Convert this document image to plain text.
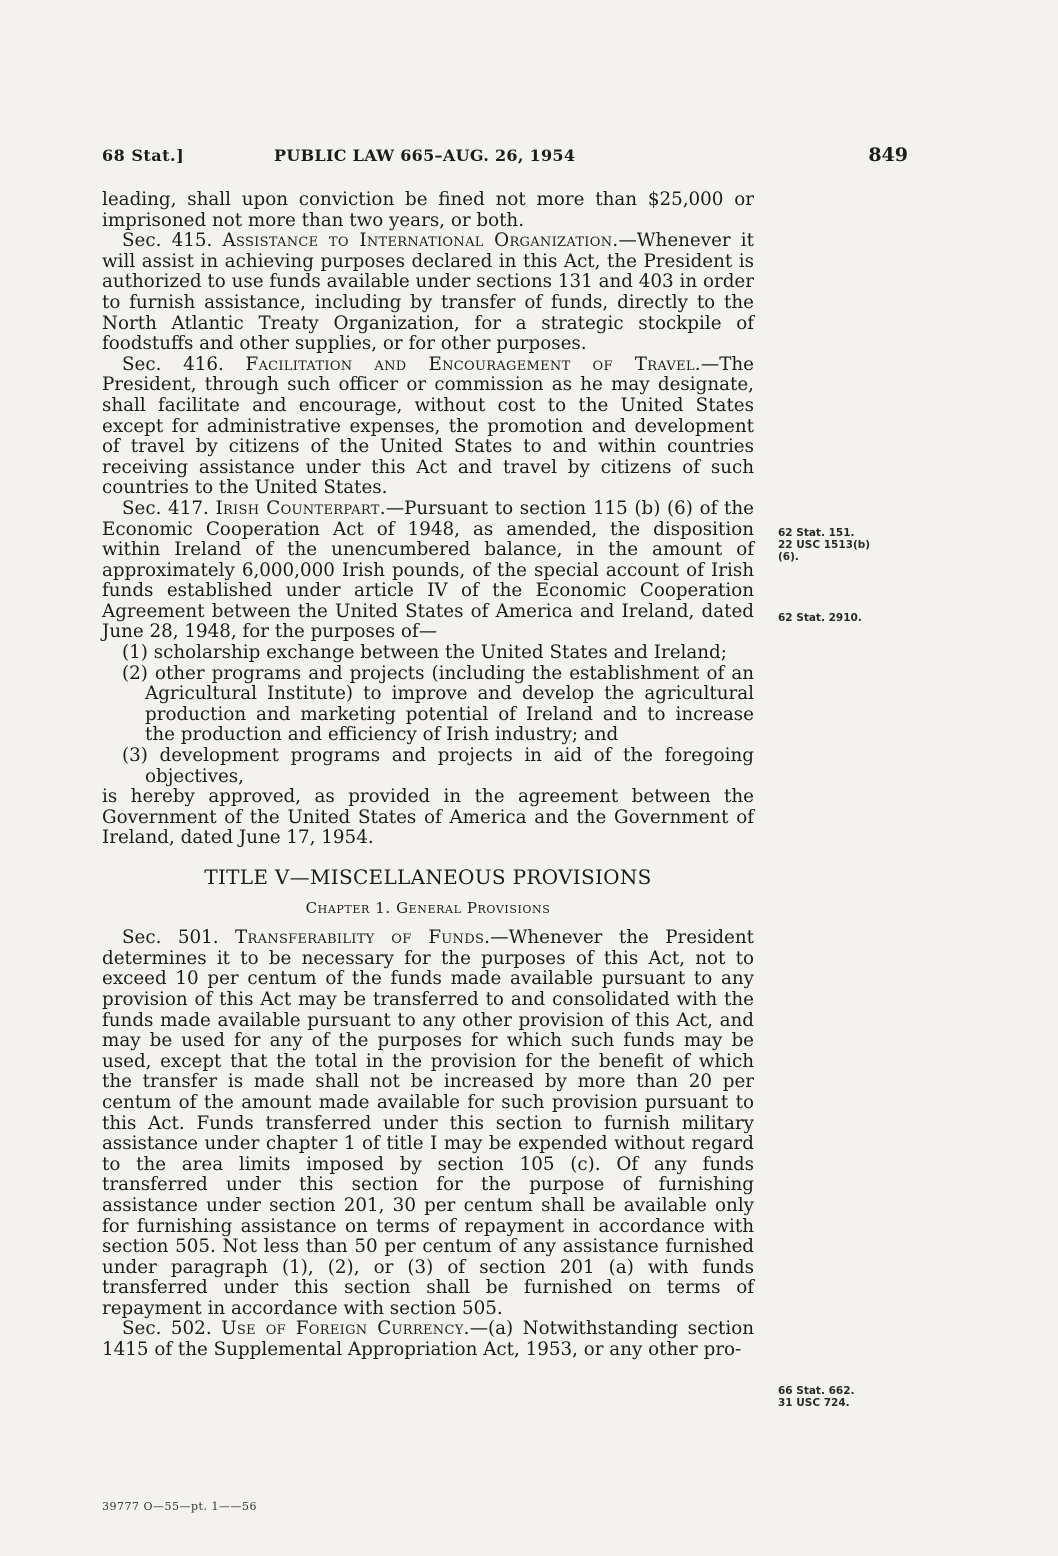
68 Stat.]	PUBLIC LAW 665–AUG. 26, 1954	849

leading, shall upon conviction be fined not more than $25,000 or imprisoned not more than two years, or both.

Sec. 415. Assistance to International Organization.—Whenever it will assist in achieving purposes declared in this Act, the President is authorized to use funds available under sections 131 and 403 in order to furnish assistance, including by transfer of funds, directly to the North Atlantic Treaty Organization, for a strategic stockpile of foodstuffs and other supplies, or for other purposes.

Sec. 416. Facilitation and Encouragement of Travel.—The President, through such officer or commission as he may designate, shall facilitate and encourage, without cost to the United States except for administrative expenses, the promotion and development of travel by citizens of the United States to and within countries receiving assistance under this Act and travel by citizens of such countries to the United States.

Sec. 417. Irish Counterpart.—Pursuant to section 115 (b) (6) of the Economic Cooperation Act of 1948, as amended, the disposition within Ireland of the unencumbered balance, in the amount of approximately 6,000,000 Irish pounds, of the special account of Irish funds established under article IV of the Economic Cooperation Agreement between the United States of America and Ireland, dated June 28, 1948, for the purposes of—

(1) scholarship exchange between the United States and Ireland;

(2) other programs and projects (including the establishment of an Agricultural Institute) to improve and develop the agricultural production and marketing potential of Ireland and to increase the production and efficiency of Irish industry; and

(3) development programs and projects in aid of the foregoing objectives,

is hereby approved, as provided in the agreement between the Government of the United States of America and the Government of Ireland, dated June 17, 1954.

TITLE V—MISCELLANEOUS PROVISIONS
Chapter 1. General Provisions

Sec. 501. Transferability of Funds.—Whenever the President determines it to be necessary for the purposes of this Act, not to exceed 10 per centum of the funds made available pursuant to any provision of this Act may be transferred to and consolidated with the funds made available pursuant to any other provision of this Act, and may be used for any of the purposes for which such funds may be used, except that the total in the provision for the benefit of which the transfer is made shall not be increased by more than 20 per centum of the amount made available for such provision pursuant to this Act. Funds transferred under this section to furnish military assistance under chapter 1 of title I may be expended without regard to the area limits imposed by section 105 (c). Of any funds transferred under this section for the purpose of furnishing assistance under section 201, 30 per centum shall be available only for furnishing assistance on terms of repayment in accordance with section 505. Not less than 50 per centum of any assistance furnished under paragraph (1), (2), or (3) of section 201 (a) with funds transferred under this section shall be furnished on terms of repayment in accordance with section 505.

Sec. 502. Use of Foreign Currency.—(a) Notwithstanding section 1415 of the Supplemental Appropriation Act, 1953, or any other pro-

62 Stat. 151.
22 USC 1513(b)
(6).
62 Stat. 2910.
66 Stat. 662.
31 USC 724.
39777 O—55—pt. 1——56
